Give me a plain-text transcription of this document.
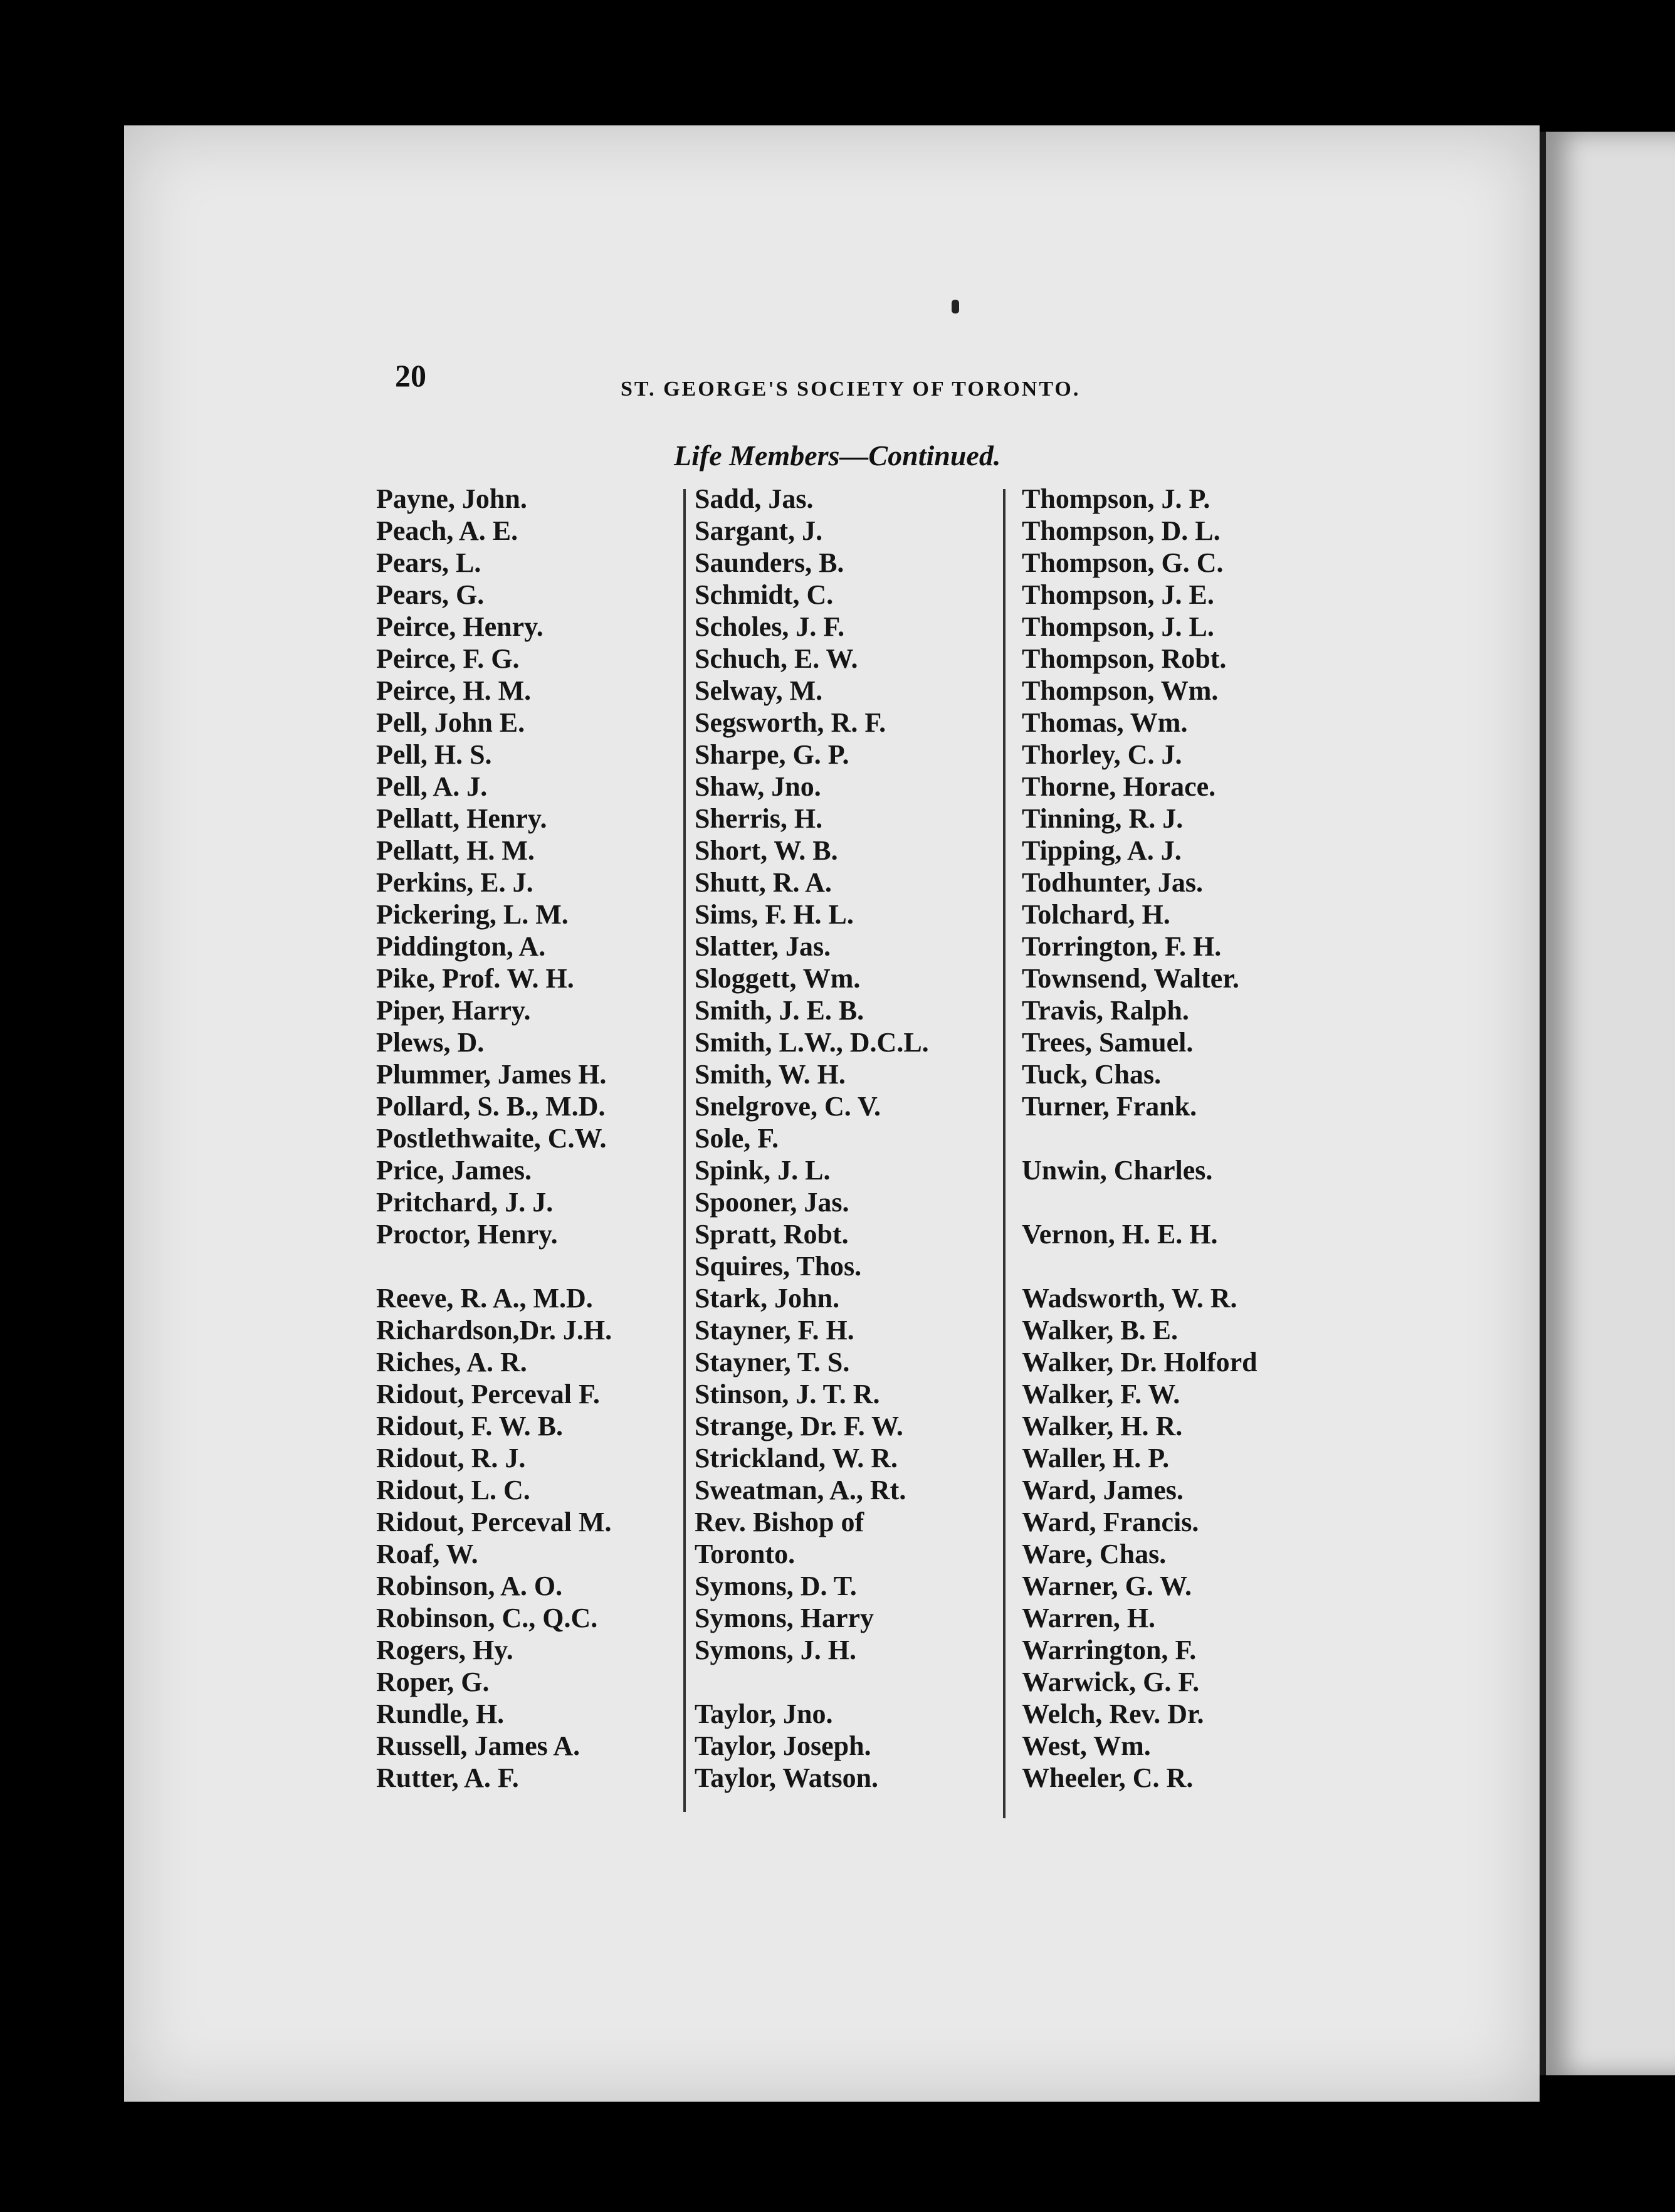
20	ST. GEORGE'S SOCIETY OF TORONTO.
Life Members—Continued.
Payne, John.
Peach, A. E.
Pears, L.
Pears, G.
Peirce, Henry.
Peirce, F. G.
Peirce, H. M.
Pell, John E.
Pell, H. S.
Pell, A. J.
Pellatt, Henry.
Pellatt, H. M.
Perkins, E. J.
Pickering, L. M.
Piddington, A.
Pike, Prof. W. H.
Piper, Harry.
Plews, D.
Plummer, James H.
Pollard, S. B., M.D.
Postlethwaite, C.W.
Price, James.
Pritchard, J. J.
Proctor, Henry.
Reeve, R. A., M.D.
Richardson,Dr. J.H.
Riches, A. R.
Ridout, Perceval F.
Ridout, F. W. B.
Ridout, R. J.
Ridout, L. C.
Ridout, Perceval M.
Roaf, W.
Robinson, A. O.
Robinson, C., Q.C.
Rogers, Hy.
Roper, G.
Rundle, H.
Russell, James A.
Rutter, A. F.
Sadd, Jas.
Sargant, J.
Saunders, B.
Schmidt, C.
Scholes, J. F.
Schuch, E. W.
Selway, M.
Segsworth, R. F.
Sharpe, G. P.
Shaw, Jno.
Sherris, H.
Short, W. B.
Shutt, R. A.
Sims, F. H. L.
Slatter, Jas.
Sloggett, Wm.
Smith, J. E. B.
Smith, L.W., D.C.L.
Smith, W. H.
Snelgrove, C. V.
Sole, F.
Spink, J. L.
Spooner, Jas.
Spratt, Robt.
Squires, Thos.
Stark, John.
Stayner, F. H.
Stayner, T. S.
Stinson, J. T. R.
Strange, Dr. F. W.
Strickland, W. R.
Sweatman, A., Rt.
Rev. Bishop of
Toronto.
Symons, D. T.
Symons, Harry
Symons, J. H.
Taylor, Jno.
Taylor, Joseph.
Taylor, Watson.
Thompson, J. P.
Thompson, D. L.
Thompson, G. C.
Thompson, J. E.
Thompson, J. L.
Thompson, Robt.
Thompson, Wm.
Thomas, Wm.
Thorley, C. J.
Thorne, Horace.
Tinning, R. J.
Tipping, A. J.
Todhunter, Jas.
Tolchard, H.
Torrington, F. H.
Townsend, Walter.
Travis, Ralph.
Trees, Samuel.
Tuck, Chas.
Turner, Frank.
Unwin, Charles.
Vernon, H. E. H.
Wadsworth, W. R.
Walker, B. E.
Walker, Dr. Holford
Walker, F. W.
Walker, H. R.
Waller, H. P.
Ward, James.
Ward, Francis.
Ware, Chas.
Warner, G. W.
Warren, H.
Warrington, F.
Warwick, G. F.
Welch, Rev. Dr.
West, Wm.
Wheeler, C. R.
